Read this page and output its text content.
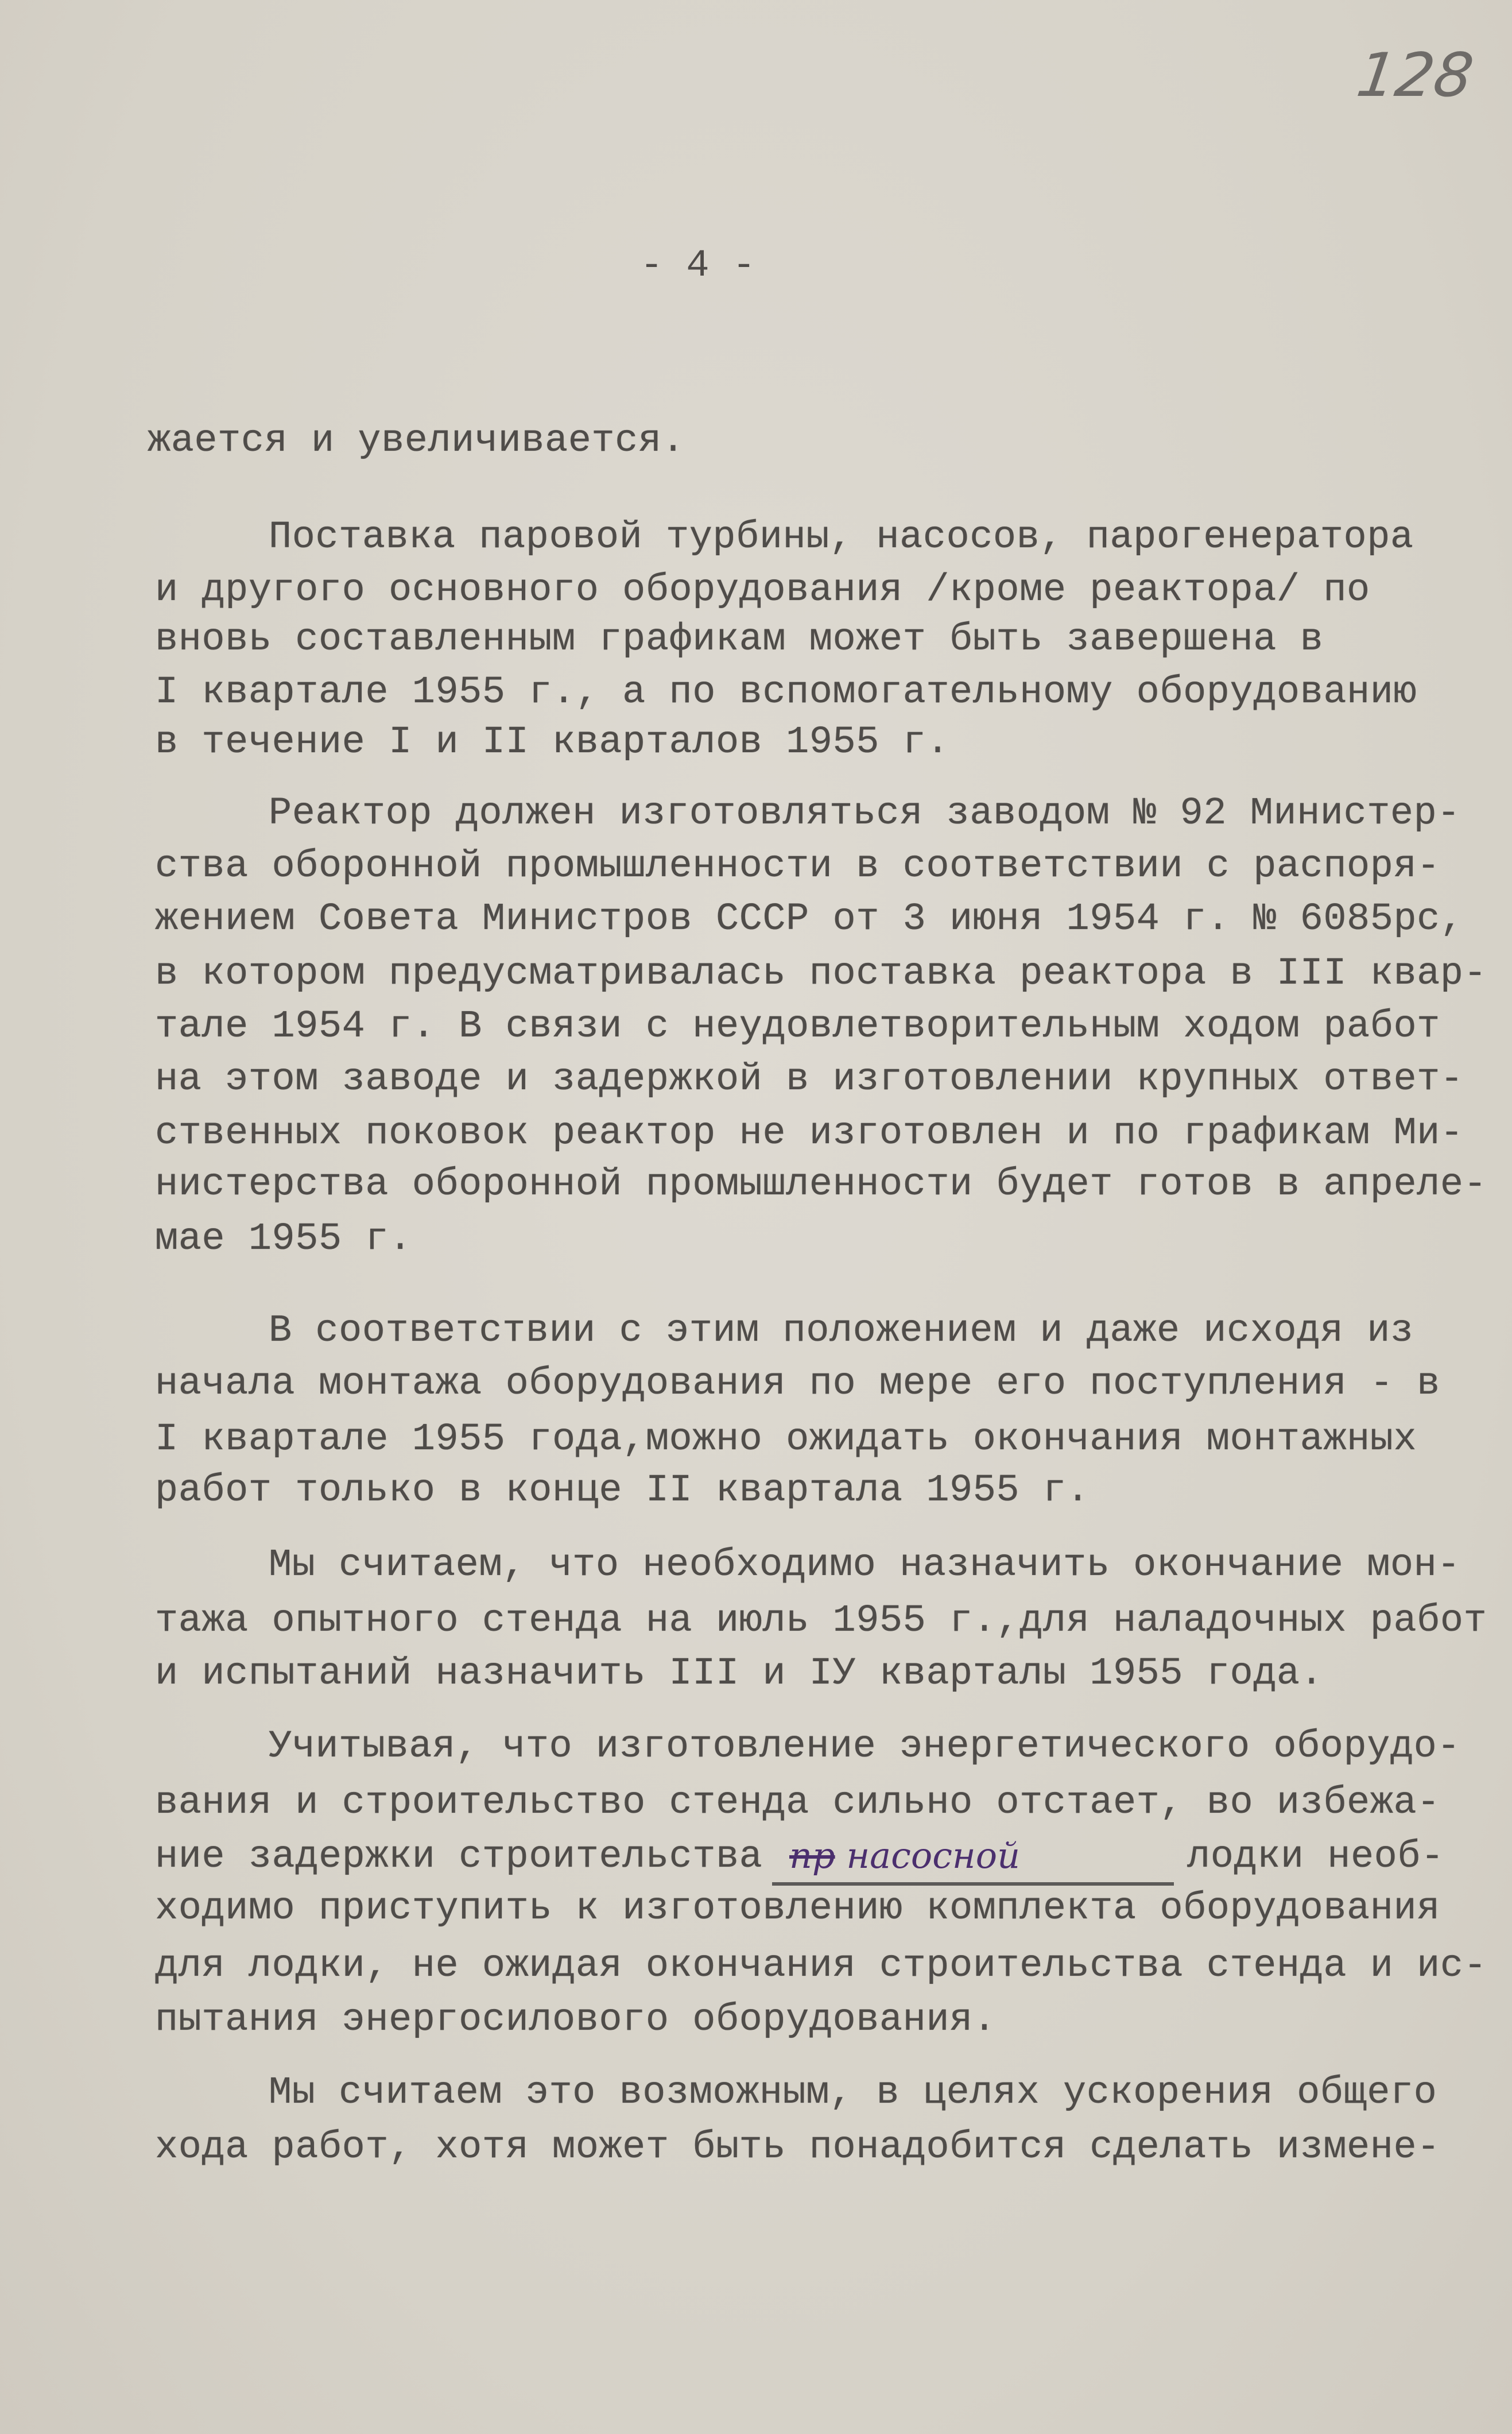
128
- 4 -
жается и увеличивается.
Поставка паровой турбины, насосов, парогенератора
и другого основного оборудования /кроме реактора/ по
вновь составленным графикам может быть завершена в
I квартале 1955 г., а по вспомогательному оборудованию
в течение I и II кварталов 1955 г.
Реактор должен изготовляться заводом № 92 Министер-
ства оборонной промышленности в соответствии с распоря-
жением Совета Министров СССР от 3 июня 1954 г. № 6085рс,
в котором предусматривалась поставка реактора в III квар-
тале 1954 г. В связи с неудовлетворительным ходом работ
на этом заводе и задержкой в изготовлении крупных ответ-
ственных поковок реактор не изготовлен и по графикам Ми-
нистерства оборонной промышленности будет готов в апреле-
мае 1955 г.
В соответствии с этим положением и даже исходя из
начала монтажа оборудования по мере его поступления - в
I квартале 1955 года,можно ожидать окончания монтажных
работ только в конце II квартала 1955 г.
Мы считаем, что необходимо назначить окончание мон-
тажа опытного стенда на июль 1955 г.,для наладочных работ
и испытаний назначить III и IУ кварталы 1955 года.
Учитывая, что изготовление энергетического оборудо-
вания и строительство стенда сильно отстает, во избежа-
ние задержки строительства пр насосной	лодки необ-
ходимо приступить к изготовлению комплекта оборудования
для лодки, не ожидая окончания строительства стенда и ис-
пытания энергосилового оборудования.
Мы считаем это возможным, в целях ускорения общего
хода работ, хотя может быть понадобится сделать измене-
